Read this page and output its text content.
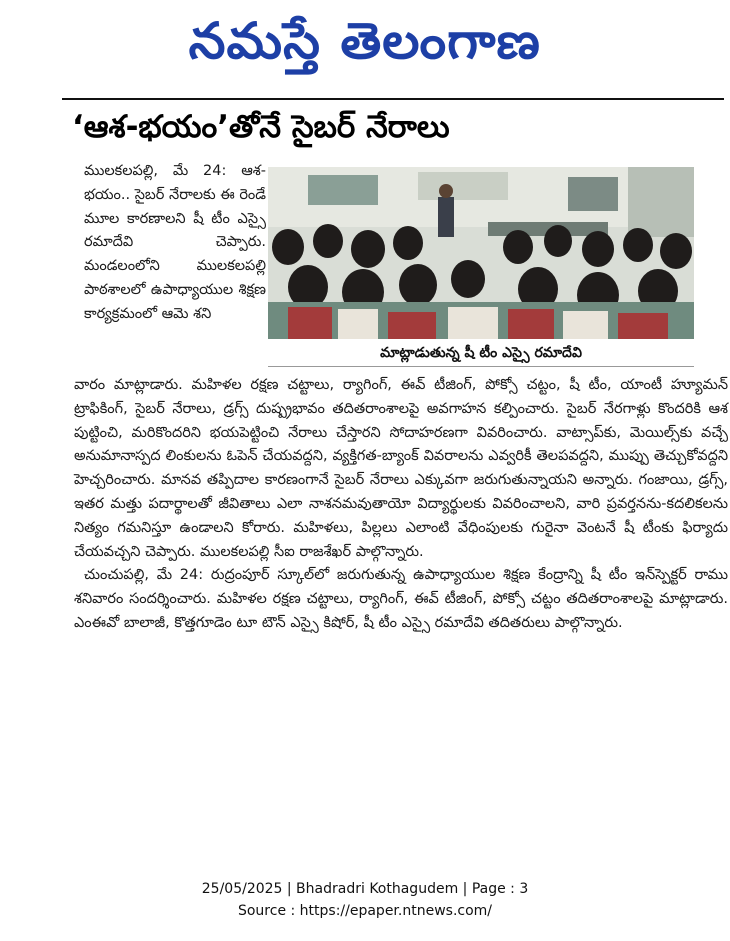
నమస్తే తెలంగాణ
‘ఆశ-భయం’తోనే సైబర్ నేరాలు

ములకలపల్లి, మే 24: ఆశ-భయం.. సైబర్ నేరాలకు ఈ రెండే మూల కారణాలని షీ టీం ఎస్సై రమాదేవి చెప్పారు. మండలంలోని ములకలపల్లి పాఠశాలలో ఉపాధ్యాయుల శిక్షణ కార్యక్రమంలో ఆమె శని

వారం మాట్లాడారు. మహిళల రక్షణ చట్టాలు, ర్యాగింగ్, ఈవ్ టీజింగ్, పోక్సో చట్టం, షీ టీం, యాంటీ హ్యూమన్ ట్రాఫికింగ్, సైబర్ నేరాలు, డ్రగ్స్ దుష్ప్రభావం తదితరాంశాలపై అవగాహన కల్పించారు. సైబర్ నేరగాళ్లు కొందరికి ఆశ పుట్టించి, మరికొందరిని భయపెట్టించి నేరాలు చేస్తారని సోదాహరణగా వివరించారు. వాట్సాప్‌కు, మెయిల్స్‌కు వచ్చే అనుమానాస్పద లింకులను ఓపెన్ చేయవద్దని, వ్యక్తిగత-బ్యాంక్ వివరాలను ఎవ్వరికీ తెలపవద్దని, ముప్పు తెచ్చుకోవద్దని హెచ్చరించారు. మానవ తప్పిదాల కారణంగానే సైబర్ నేరాలు ఎక్కువగా జరుగుతున్నాయని అన్నారు. గంజాయి, డ్రగ్స్, ఇతర మత్తు పదార్థాలతో జీవితాలు ఎలా నాశనమవుతాయో విద్యార్థులకు వివరించాలని, వారి ప్రవర్తనను-కదలికలను నిత్యం గమనిస్తూ ఉండాలని కోరారు. మహిళలు, పిల్లలు ఎలాంటి వేధింపులకు గురైనా వెంటనే షీ టీంకు ఫిర్యాదు చేయవచ్చని చెప్పారు. ములకలపల్లి సీఐ రాజశేఖర్ పాల్గొన్నారు.

చుంచుపల్లి, మే 24: రుద్రంపూర్ స్కూల్‌లో జరుగుతున్న ఉపాధ్యాయుల శిక్షణ కేంద్రాన్ని షీ టీం ఇన్‌స్పెక్టర్ రాము శనివారం సందర్శించారు. మహిళల రక్షణ చట్టాలు, ర్యాగింగ్, ఈవ్ టీజింగ్, పోక్సో చట్టం తదితరాంశాలపై మాట్లాడారు. ఎంఈవో బాలాజీ, కొత్తగూడెం టూ టౌన్ ఎస్సై కిషోర్, షీ టీం ఎస్సై రమాదేవి తదితరులు పాల్గొన్నారు.

మాట్లాడుతున్న షీ టీం ఎస్సై రమాదేవి
25/05/2025 | Bhadradri Kothagudem | Page : 3
Source : https://epaper.ntnews.com/
